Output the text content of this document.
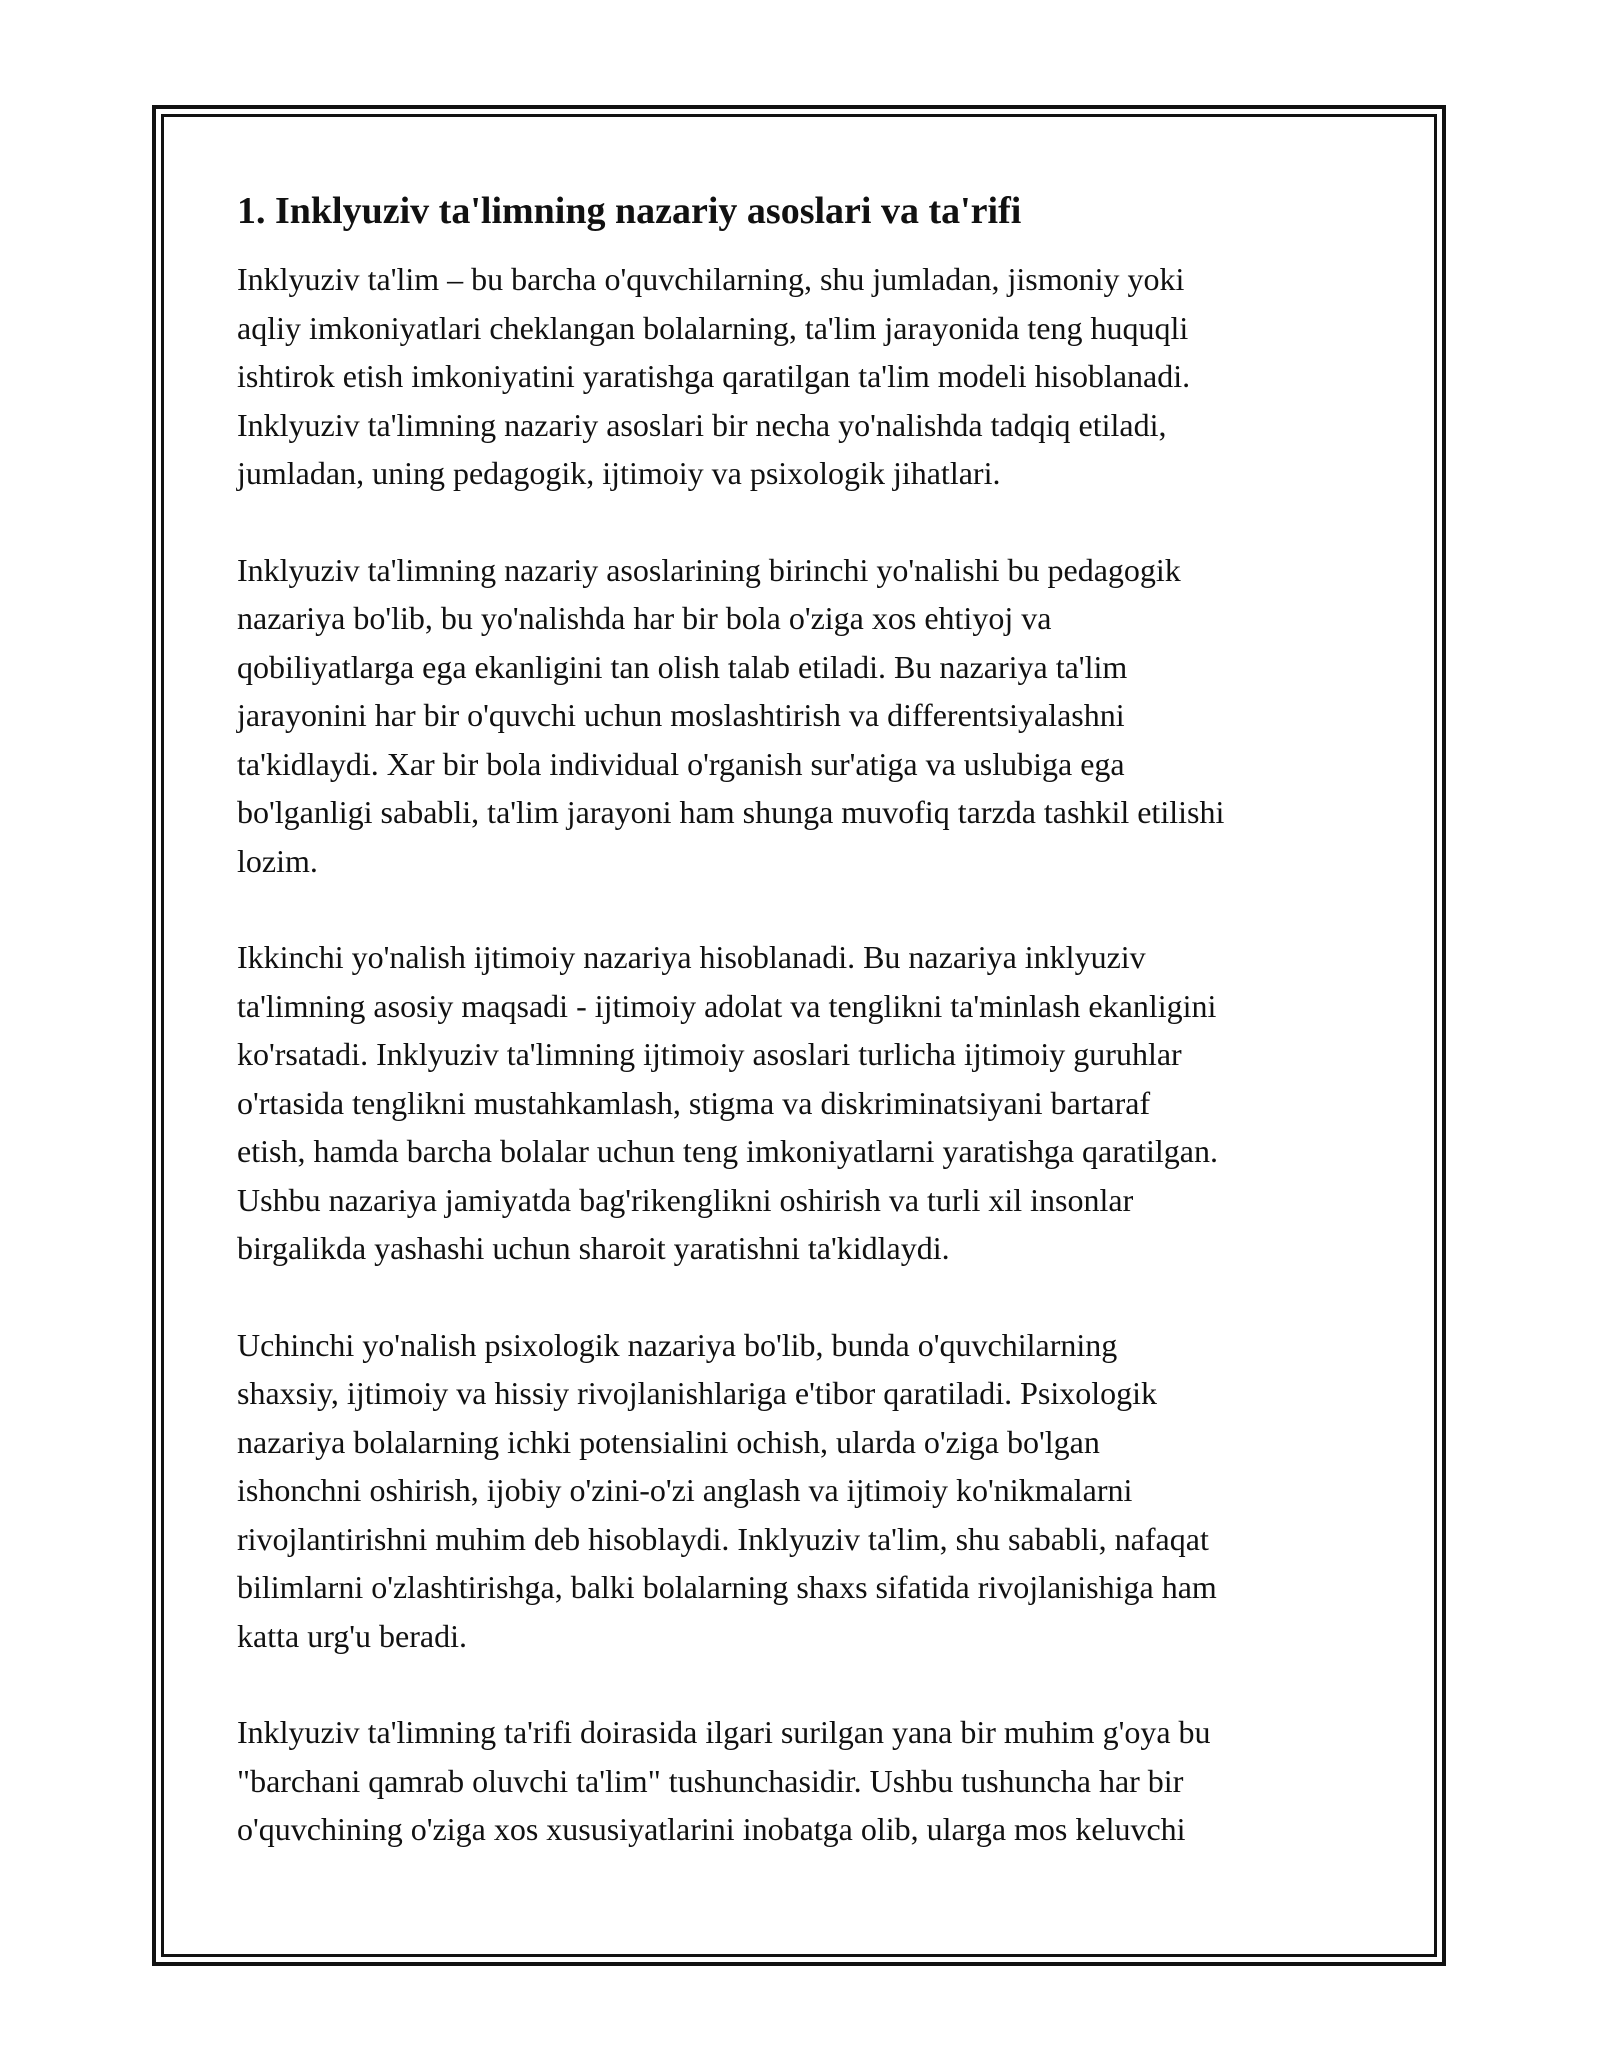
1. Inklyuziv ta'limning nazariy asoslari va ta'rifi

Inklyuziv ta'lim – bu barcha o'quvchilarning, shu jumladan, jismoniy yoki
aqliy imkoniyatlari cheklangan bolalarning, ta'lim jarayonida teng huquqli
ishtirok etish imkoniyatini yaratishga qaratilgan ta'lim modeli hisoblanadi.
Inklyuziv ta'limning nazariy asoslari bir necha yo'nalishda tadqiq etiladi,
jumladan, uning pedagogik, ijtimoiy va psixologik jihatlari.

Inklyuziv ta'limning nazariy asoslarining birinchi yo'nalishi bu pedagogik
nazariya bo'lib, bu yo'nalishda har bir bola o'ziga xos ehtiyoj va
qobiliyatlarga ega ekanligini tan olish talab etiladi. Bu nazariya ta'lim
jarayonini har bir o'quvchi uchun moslashtirish va differentsiyalashni
ta'kidlaydi. Xar bir bola individual o'rganish sur'atiga va uslubiga ega
bo'lganligi sababli, ta'lim jarayoni ham shunga muvofiq tarzda tashkil etilishi
lozim.

Ikkinchi yo'nalish ijtimoiy nazariya hisoblanadi. Bu nazariya inklyuziv
ta'limning asosiy maqsadi - ijtimoiy adolat va tenglikni ta'minlash ekanligini
ko'rsatadi. Inklyuziv ta'limning ijtimoiy asoslari turlicha ijtimoiy guruhlar
o'rtasida tenglikni mustahkamlash, stigma va diskriminatsiyani bartaraf
etish, hamda barcha bolalar uchun teng imkoniyatlarni yaratishga qaratilgan.
Ushbu nazariya jamiyatda bag'rikenglikni oshirish va turli xil insonlar
birgalikda yashashi uchun sharoit yaratishni ta'kidlaydi.

Uchinchi yo'nalish psixologik nazariya bo'lib, bunda o'quvchilarning
shaxsiy, ijtimoiy va hissiy rivojlanishlariga e'tibor qaratiladi. Psixologik
nazariya bolalarning ichki potensialini ochish, ularda o'ziga bo'lgan
ishonchni oshirish, ijobiy o'zini-o'zi anglash va ijtimoiy ko'nikmalarni
rivojlantirishni muhim deb hisoblaydi. Inklyuziv ta'lim, shu sababli, nafaqat
bilimlarni o'zlashtirishga, balki bolalarning shaxs sifatida rivojlanishiga ham
katta urg'u beradi.

Inklyuziv ta'limning ta'rifi doirasida ilgari surilgan yana bir muhim g'oya bu
"barchani qamrab oluvchi ta'lim" tushunchasidir. Ushbu tushuncha har bir
o'quvchining o'ziga xos xususiyatlarini inobatga olib, ularga mos keluvchi
